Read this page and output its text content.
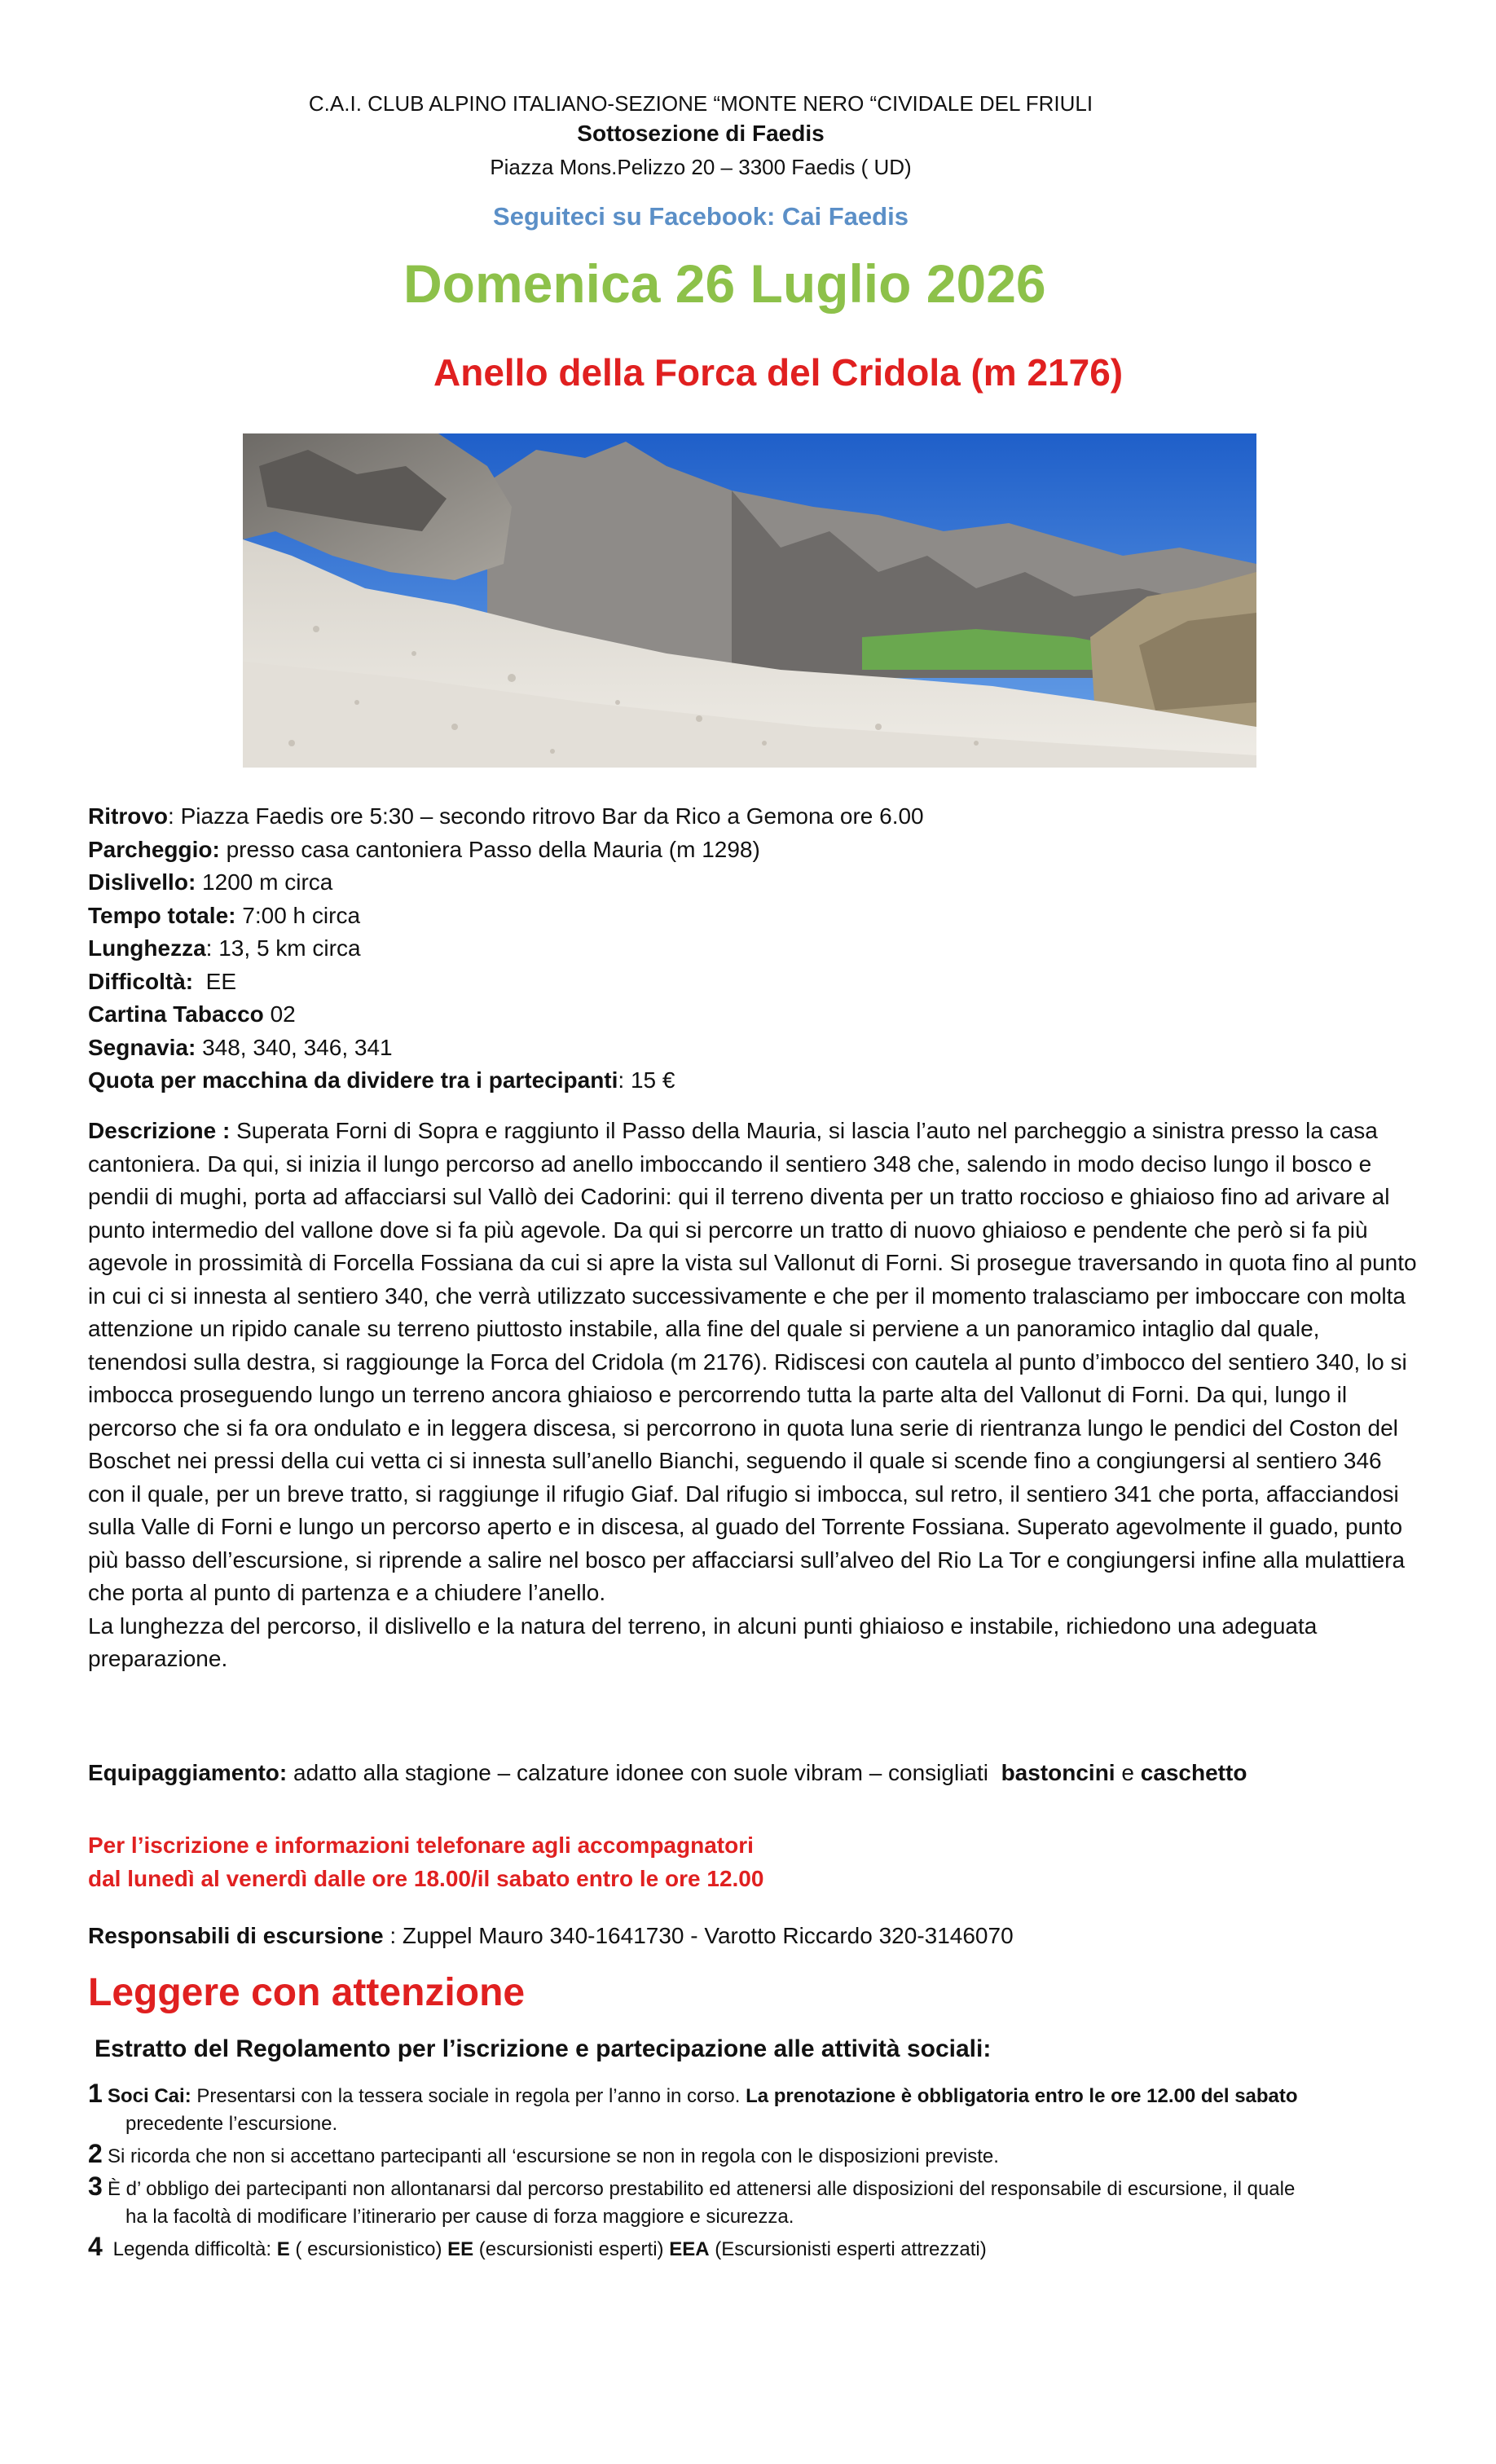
C.A.I. CLUB ALPINO ITALIANO-SEZIONE “MONTE NERO “CIVIDALE DEL FRIULI
Sottosezione di Faedis
Piazza Mons.Pelizzo 20 – 3300 Faedis ( UD)
Seguiteci su Facebook: Cai Faedis
Domenica 26 Luglio 2026
Anello della Forca del Cridola (m 2176)
Ritrovo: Piazza Faedis ore 5:30 – secondo ritrovo Bar da Rico a Gemona ore 6.00
Parcheggio: presso casa cantoniera Passo della Mauria (m 1298)
Dislivello: 1200 m circa
Tempo totale: 7:00 h circa
Lunghezza: 13, 5 km circa
Difficoltà: EE
Cartina Tabacco 02
Segnavia: 348, 340, 346, 341
Quota per macchina da dividere tra i partecipanti: 15 €
Descrizione : Superata Forni di Sopra e raggiunto il Passo della Mauria, si lascia l’auto nel parcheggio a sinistra presso la casa cantoniera. Da qui, si inizia il lungo percorso ad anello imboccando il sentiero 348 che, salendo in modo deciso lungo il bosco e pendii di mughi, porta ad affacciarsi sul Vallò dei Cadorini: qui il terreno diventa per un tratto roccioso e ghiaioso fino ad arivare al punto intermedio del vallone dove si fa più agevole. Da qui si percorre un tratto di nuovo ghiaioso e pendente che però si fa più agevole in prossimità di Forcella Fossiana da cui si apre la vista sul Vallonut di Forni. Si prosegue traversando in quota fino al punto in cui ci si innesta al sentiero 340, che verrà utilizzato successivamente e che per il momento tralasciamo per imboccare con molta attenzione un ripido canale su terreno piuttosto instabile, alla fine del quale si perviene a un panoramico intaglio dal quale, tenendosi sulla destra, si raggiounge la Forca del Cridola (m 2176). Ridiscesi con cautela al punto d’imbocco del sentiero 340, lo si imbocca proseguendo lungo un terreno ancora ghiaioso e percorrendo tutta la parte alta del Vallonut di Forni. Da qui, lungo il percorso che si fa ora ondulato e in leggera discesa, si percorrono in quota luna serie di rientranza lungo le pendici del Coston del Boschet nei pressi della cui vetta ci si innesta sull’anello Bianchi, seguendo il quale si scende fino a congiungersi al sentiero 346 con il quale, per un breve tratto, si raggiunge il rifugio Giaf. Dal rifugio si imbocca, sul retro, il sentiero 341 che porta, affacciandosi sulla Valle di Forni e lungo un percorso aperto e in discesa, al guado del Torrente Fossiana. Superato agevolmente il guado, punto più basso dell’escursione, si riprende a salire nel bosco per affacciarsi sull’alveo del Rio La Tor e congiungersi infine alla mulattiera che porta al punto di partenza e a chiudere l’anello.
La lunghezza del percorso, il dislivello e la natura del terreno, in alcuni punti ghiaioso e instabile, richiedono una adeguata preparazione.
Equipaggiamento: adatto alla stagione – calzature idonee con suole vibram – consigliati bastoncini e caschetto
Per l’iscrizione e informazioni telefonare agli accompagnatori
dal lunedì al venerdì dalle ore 18.00/il sabato entro le ore 12.00
Responsabili di escursione : Zuppel Mauro 340-1641730 - Varotto Riccardo 320-3146070
Leggere con attenzione
Estratto del Regolamento per l’iscrizione e partecipazione alle attività sociali:
1 Soci Cai: Presentarsi con la tessera sociale in regola per l’anno in corso. La prenotazione è obbligatoria entro le ore 12.00 del sabato
precedente l’escursione.
2 Si ricorda che non si accettano partecipanti all ‘escursione se non in regola con le disposizioni previste.
3 È d’ obbligo dei partecipanti non allontanarsi dal percorso prestabilito ed attenersi alle disposizioni del responsabile di escursione, il quale
ha la facoltà di modificare l’itinerario per cause di forza maggiore e sicurezza.
4 Legenda difficoltà: E ( escursionistico) EE (escursionisti esperti) EEA (Escursionisti esperti attrezzati)
